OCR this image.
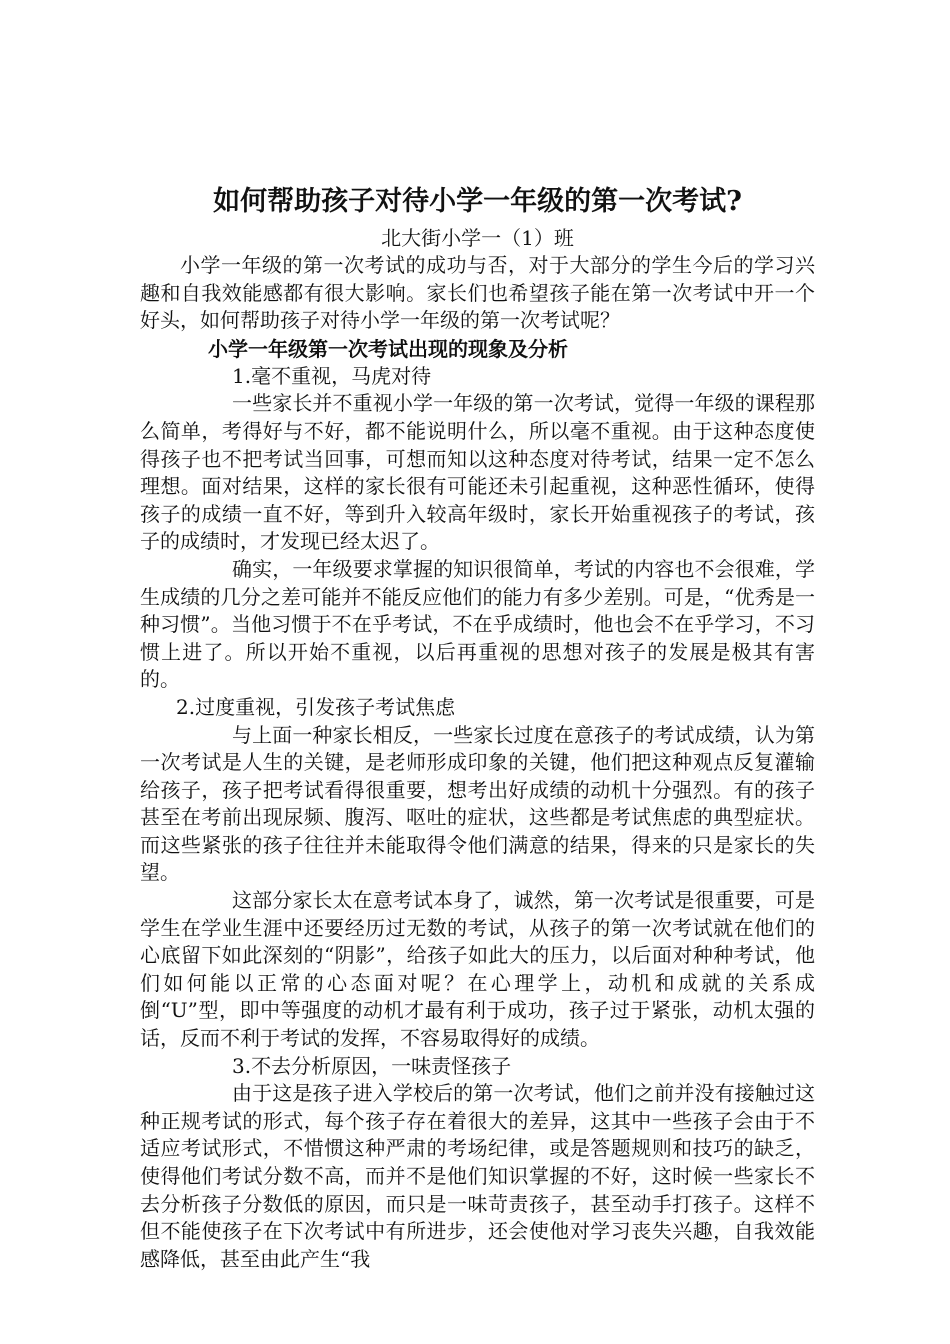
如何帮助孩子对待小学一年级的第一次考试?
北大街小学一（1）班

小学一年级的第一次考试的成功与否，对于大部分的学生今后的学习兴趣和自我效能感都有很大影响。家长们也希望孩子能在第一次考试中开一个好头，如何帮助孩子对待小学一年级的第一次考试呢？

小学一年级第一次考试出现的现象及分析
1.毫不重视，马虎对待

一些家长并不重视小学一年级的第一次考试，觉得一年级的课程那么简单，考得好与不好，都不能说明什么，所以毫不重视。由于这种态度使得孩子也不把考试当回事，可想而知以这种态度对待考试，结果一定不怎么理想。面对结果，这样的家长很有可能还未引起重视，这种恶性循环，使得孩子的成绩一直不好，等到升入较高年级时，家长开始重视孩子的考试，孩子的成绩时，才发现已经太迟了。

确实，一年级要求掌握的知识很简单，考试的内容也不会很难，学生成绩的几分之差可能并不能反应他们的能力有多少差别。可是，“优秀是一种习惯”。当他习惯于不在乎考试，不在乎成绩时，他也会不在乎学习，不习惯上进了。所以开始不重视，以后再重视的思想对孩子的发展是极其有害的。

2.过度重视，引发孩子考试焦虑

与上面一种家长相反，一些家长过度在意孩子的考试成绩，认为第一次考试是人生的关键，是老师形成印象的关键，他们把这种观点反复灌输给孩子，孩子把考试看得很重要，想考出好成绩的动机十分强烈。有的孩子甚至在考前出现尿频、腹泻、呕吐的症状，这些都是考试焦虑的典型症状。而这些紧张的孩子往往并未能取得令他们满意的结果，得来的只是家长的失望。

这部分家长太在意考试本身了，诚然，第一次考试是很重要，可是学生在学业生涯中还要经历过无数的考试，从孩子的第一次考试就在他们的心底留下如此深刻的“阴影”，给孩子如此大的压力，以后面对种种考试，他们如何能以正常的心态面对呢？在心理学上，动机和成就的关系成倒“U”型，即中等强度的动机才最有利于成功，孩子过于紧张，动机太强的话，反而不利于考试的发挥，不容易取得好的成绩。

3.不去分析原因，一味责怪孩子

由于这是孩子进入学校后的第一次考试，他们之前并没有接触过这种正规考试的形式，每个孩子存在着很大的差异，这其中一些孩子会由于不适应考试形式，不惜惯这种严肃的考场纪律，或是答题规则和技巧的缺乏，使得他们考试分数不高，而并不是他们知识掌握的不好，这时候一些家长不去分析孩子分数低的原因，而只是一味苛责孩子，甚至动手打孩子。这样不但不能使孩子在下次考试中有所进步，还会使他对学习丧失兴趣，自我效能感降低，甚至由此产生“我
